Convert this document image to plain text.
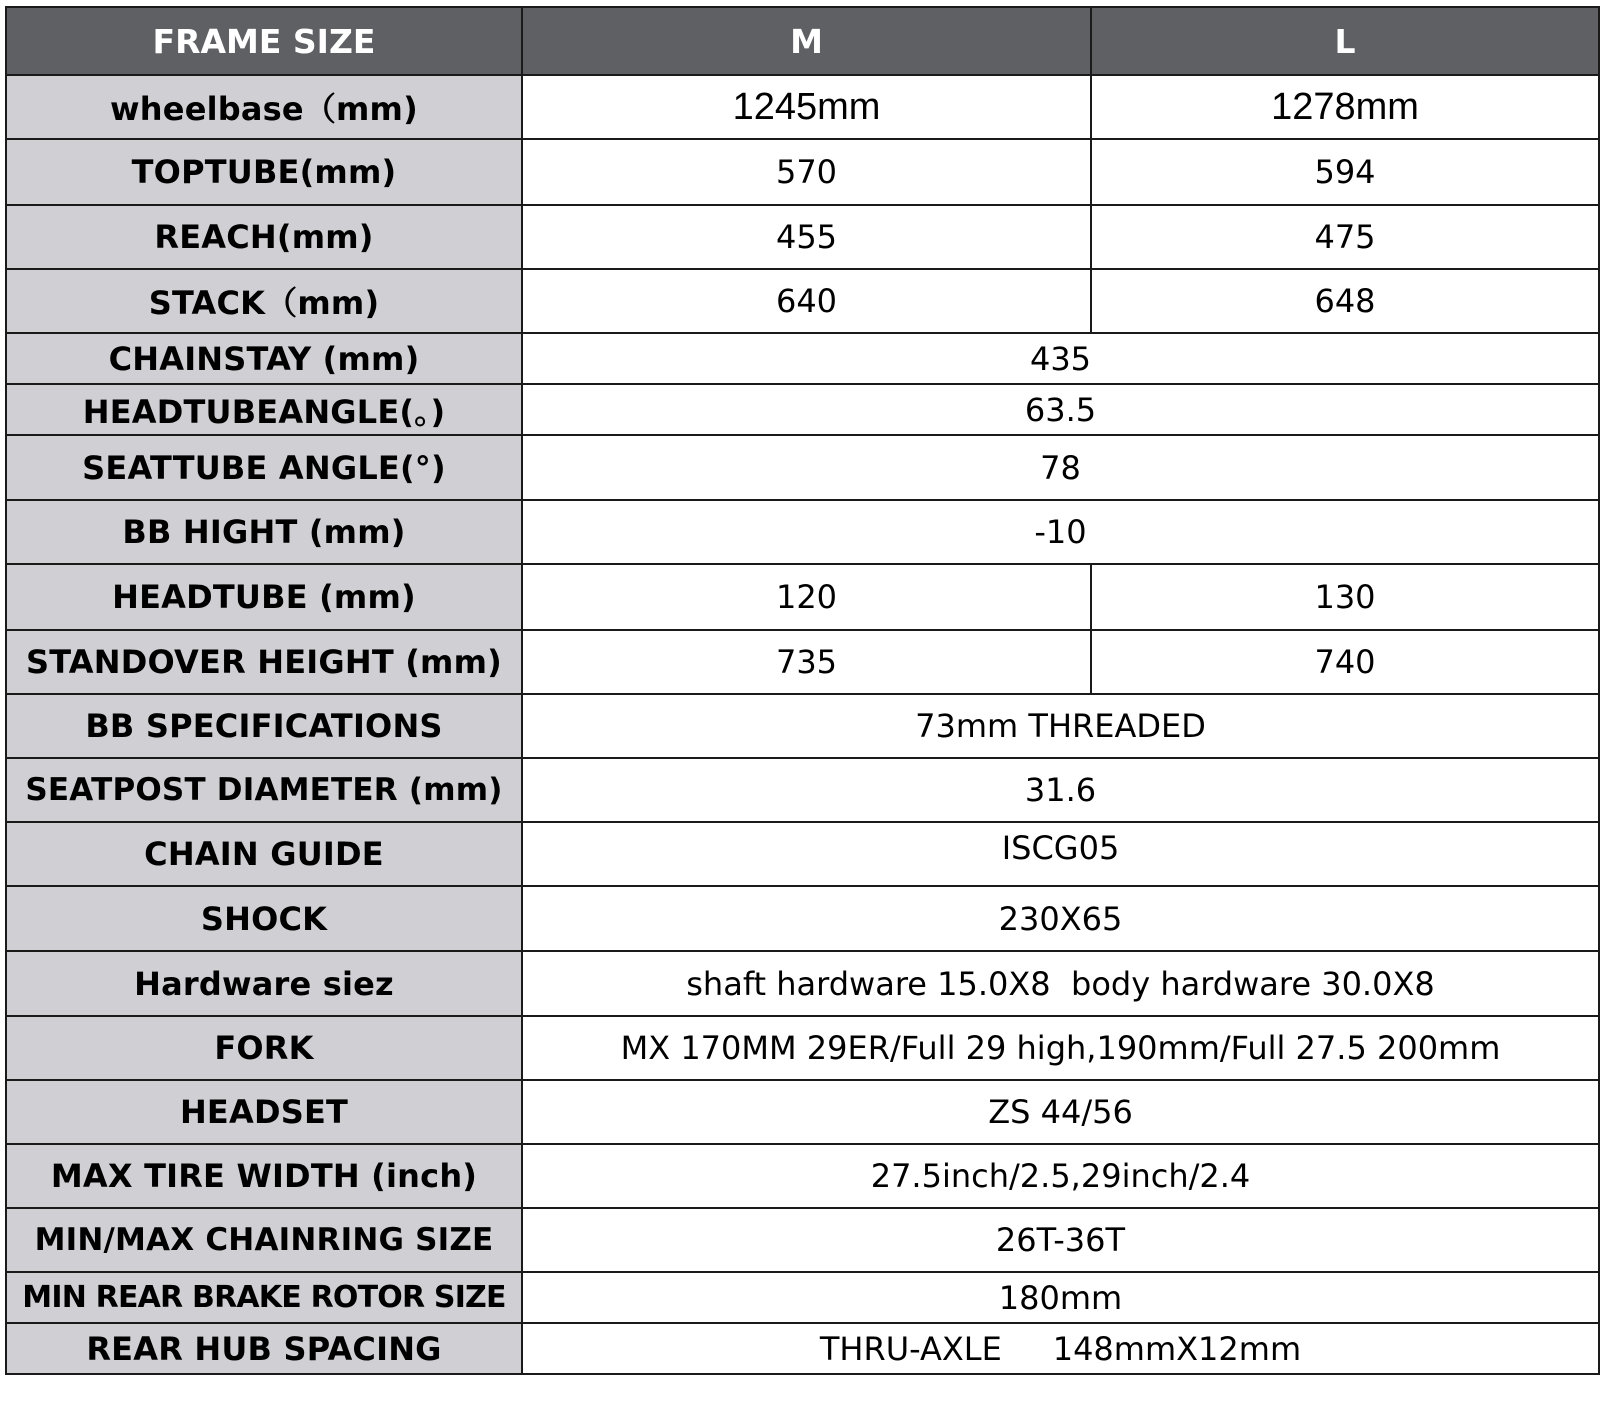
FRAME SIZE	M	L
wheelbase（mm)	1245mm	1278mm
TOPTUBE(mm)	570	594
REACH(mm)	455	475
STACK（mm)	640	648
CHAINSTAY (mm)	435	
HEADTUBEANGLE(。)	63.5	
SEATTUBE ANGLE(°)	78	
BB HIGHT (mm)	-10	
HEADTUBE (mm)	120	130
STANDOVER HEIGHT (mm)	735	740
BB SPECIFICATIONS	73mm THREADED	
SEATPOST DIAMETER (mm)	31.6	
CHAIN GUIDE	ISCG05	
SHOCK	230X65	
Hardware siez	shaft hardware 15.0X8  body hardware 30.0X8	
FORK	MX 170MM 29ER/Full 29 high,190mm/Full 27.5 200mm	
HEADSET	ZS 44/56	
MAX TIRE WIDTH (inch)	27.5inch/2.5,29inch/2.4	
MIN/MAX CHAINRING SIZE	26T-36T	
MIN REAR BRAKE ROTOR SIZE	180mm	
REAR HUB SPACING	THRU-AXLE     148mmX12mm	
